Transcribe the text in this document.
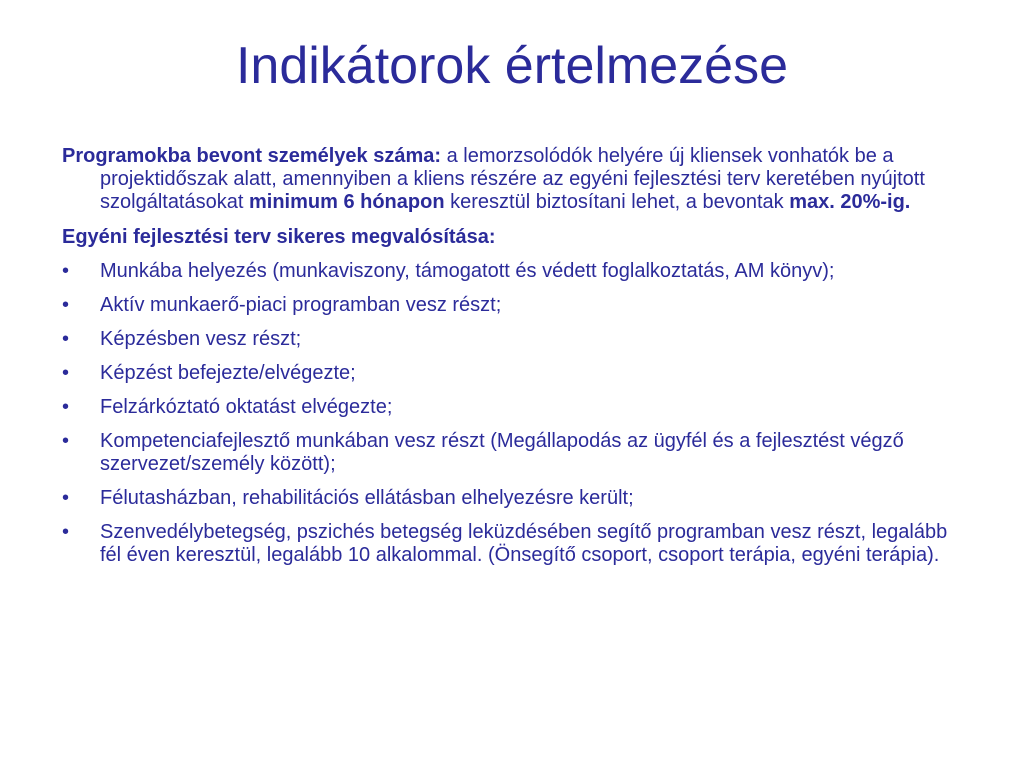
Indikátorok értelmezése

Programokba bevont személyek száma: a lemorzsolódók helyére új kliensek vonhatók be a projektidőszak alatt, amennyiben a kliens részére az egyéni fejlesztési terv keretében nyújtott szolgáltatásokat minimum 6 hónapon keresztül biztosítani lehet, a bevontak max. 20%-ig.

Egyéni fejlesztési terv sikeres megvalósítása:

• Munkába helyezés (munkaviszony, támogatott és védett foglalkoztatás, AM könyv);
• Aktív munkaerő-piaci programban vesz részt;
• Képzésben vesz részt;
• Képzést befejezte/elvégezte;
• Felzárkóztató oktatást elvégezte;
• Kompetenciafejlesztő munkában vesz részt (Megállapodás az ügyfél és a fejlesztést végző szervezet/személy között);
• Félutasházban, rehabilitációs ellátásban elhelyezésre került;
• Szenvedélybetegség, pszichés betegség leküzdésében segítő programban vesz részt, legalább fél éven keresztül, legalább 10 alkalommal. (Önsegítő csoport, csoport terápia, egyéni terápia).
